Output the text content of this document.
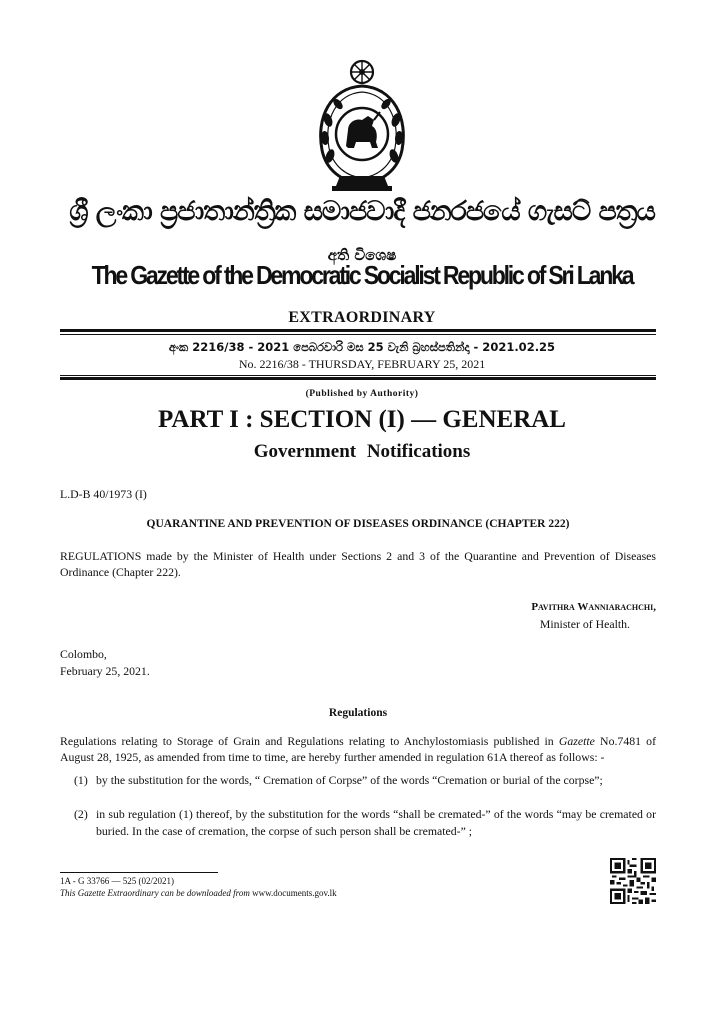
ශ්‍රී ලංකා ප්‍රජාතාන්ත්‍රික සමාජවාදී ජනරජයේ ගැසට් පත්‍රය
අති විශෙෂ
The Gazette of the Democratic Socialist Republic of Sri Lanka
EXTRAORDINARY
අංක 2216/38 - 2021 පෙබරවාරි මස 25 වැනි බ්‍රහස්පතින්දා - 2021.02.25
No. 2216/38 - THURSDAY, FEBRUARY 25, 2021
(Published by Authority)
PART I : SECTION (I) — GENERAL
Government Notifications
L.D-B 40/1973 (I)
QUARANTINE AND PREVENTION OF DISEASES ORDINANCE (CHAPTER 222)
REGULATIONS made by the Minister of Health under Sections 2 and 3 of the Quarantine and Prevention of Diseases Ordinance (Chapter 222).
Pavithra Wanniarachchi,
Minister of Health.
Colombo,
February 25, 2021.
Regulations
Regulations relating to Storage of Grain and Regulations relating to Anchylostomiasis published in Gazette No.7481 of August 28, 1925, as amended from time to time, are hereby further amended in regulation 61A thereof as follows: -
(1) by the substitution for the words, “ Cremation of Corpse” of the words “Cremation or burial of the corpse”;
(2) in sub regulation (1) thereof, by the substitution for the words “shall be cremated-” of the words “may be cremated or buried. In the case of cremation, the corpse of such person shall be cremated-” ;
1A - G 33766 — 525 (02/2021)
This Gazette Extraordinary can be downloaded from www.documents.gov.lk
